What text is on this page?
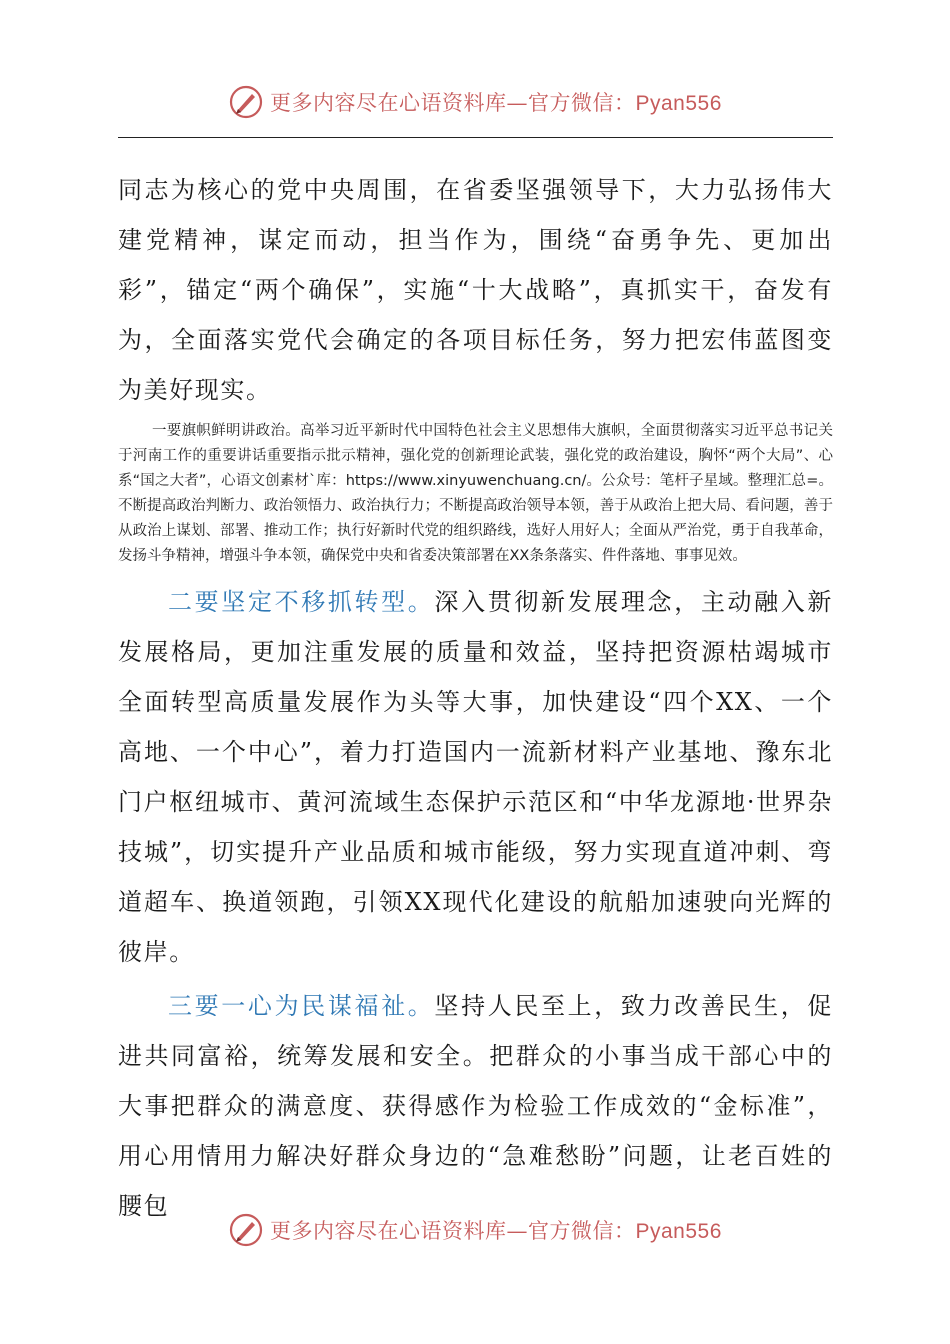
更多内容尽在心语资料库—官方微信：Pyan556

同志为核心的党中央周围，在省委坚强领导下，大力弘扬伟大建党精神，谋定而动，担当作为，围绕“奋勇争先、更加出彩”，锚定“两个确保”，实施“十大战略”，真抓实干，奋发有为，全面落实党代会确定的各项目标任务，努力把宏伟蓝图变为美好现实。

一要旗帜鲜明讲政治。高举习近平新时代中国特色社会主义思想伟大旗帜，全面贯彻落实习近平总书记关于河南工作的重要讲话重要指示批示精神，强化党的创新理论武装，强化党的政治建设，胸怀“两个大局”、心系“国之大者”，心语文创素材`库：https://www.xinyuwenchuang.cn/。公众号：笔杆子星域。整理汇总=。不断提高政治判断力、政治领悟力、政治执行力；不断提高政治领导本领，善于从政治上把大局、看问题，善于从政治上谋划、部署、推动工作；执行好新时代党的组织路线，选好人用好人；全面从严治党，勇于自我革命，发扬斗争精神，增强斗争本领，确保党中央和省委决策部署在XX条条落实、件件落地、事事见效。

二要坚定不移抓转型。深入贯彻新发展理念，主动融入新发展格局，更加注重发展的质量和效益，坚持把资源枯竭城市全面转型高质量发展作为头等大事，加快建设“四个XX、一个高地、一个中心”，着力打造国内一流新材料产业基地、豫东北门户枢纽城市、黄河流域生态保护示范区和“中华龙源地·世界杂技城”，切实提升产业品质和城市能级，努力实现直道冲刺、弯道超车、换道领跑，引领XX现代化建设的航船加速驶向光辉的彼岸。

三要一心为民谋福祉。坚持人民至上，致力改善民生，促进共同富裕，统筹发展和安全。把群众的小事当成干部心中的大事把群众的满意度、获得感作为检验工作成效的“金标准”，用心用情用力解决好群众身边的“急难愁盼”问题，让老百姓的腰包

更多内容尽在心语资料库—官方微信：Pyan556
